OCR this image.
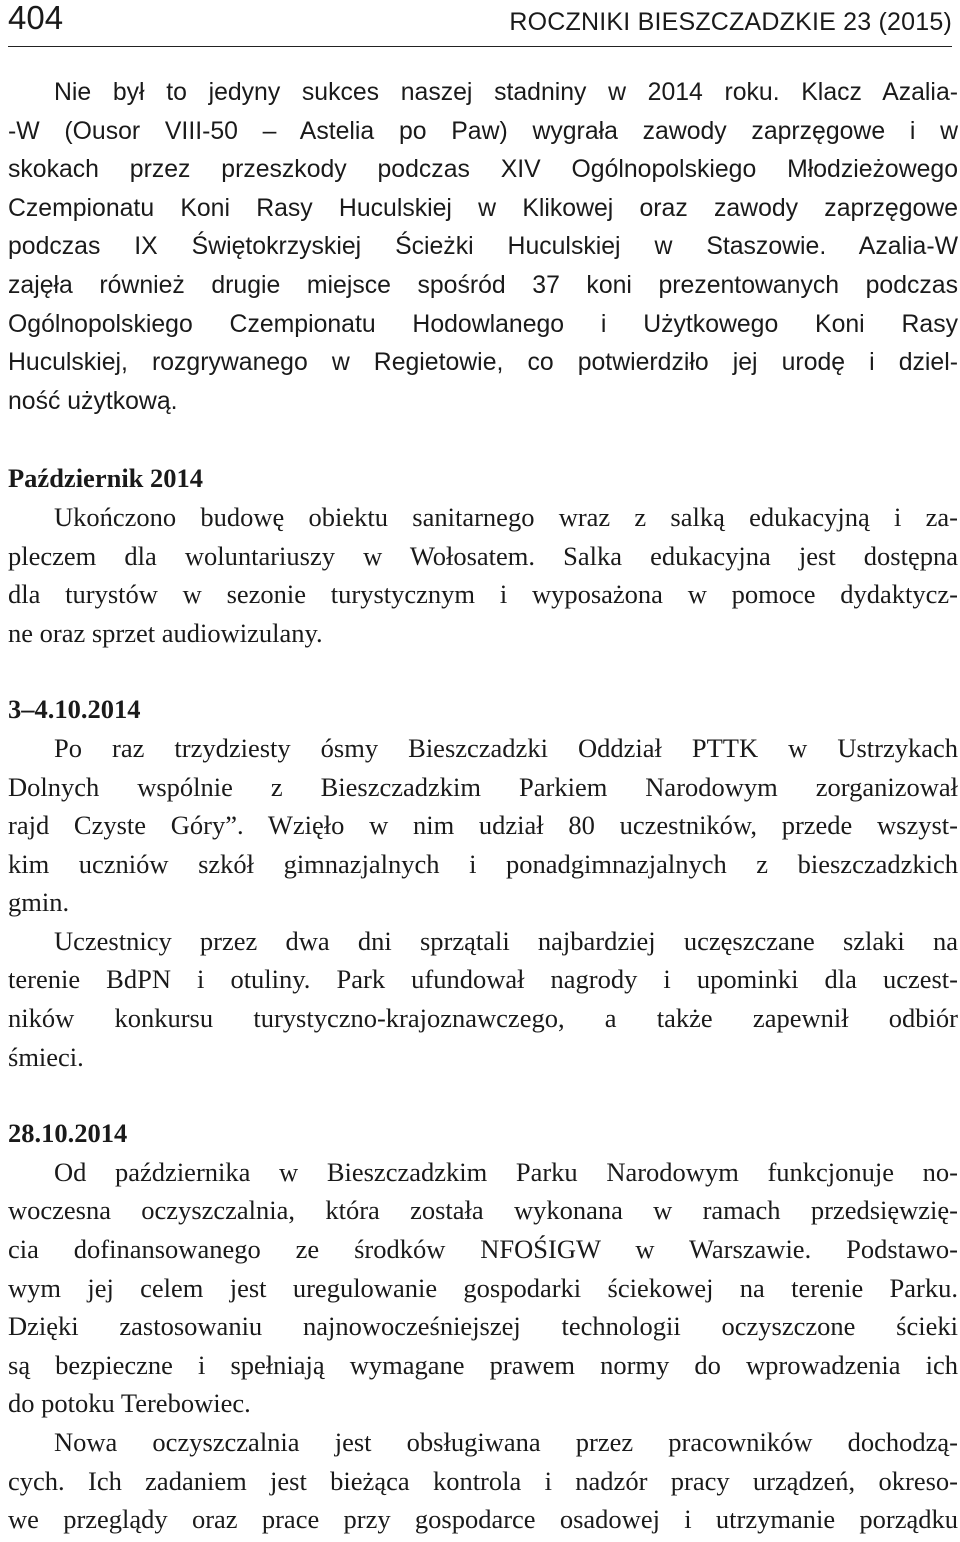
404	ROCZNIKI BIESZCZADZKIE 23 (2015)
Nie był to jedyny sukces naszej stadniny w 2014 roku. Klacz Azalia-
-W (Ousor VIII-50 – Astelia po Paw) wygrała zawody zaprzęgowe i w
skokach przez przeszkody podczas XIV Ogólnopolskiego Młodzieżowego
Czempionatu Koni Rasy Huculskiej w Klikowej oraz zawody zaprzęgowe
podczas IX Świętokrzyskiej Ścieżki Huculskiej w Staszowie. Azalia-W
zajęła również drugie miejsce spośród 37 koni prezentowanych podczas
Ogólnopolskiego Czempionatu Hodowlanego i Użytkowego Koni Rasy
Huculskiej, rozgrywanego w Regietowie, co potwierdziło jej urodę i dziel-
ność użytkową.
Październik 2014
Ukończono budowę obiektu sanitarnego wraz z salką edukacyjną i za-
pleczem dla woluntariuszy w Wołosatem. Salka edukacyjna jest dostępna
dla turystów w sezonie turystycznym i wyposażona w pomoce dydaktycz-
ne oraz sprzet audiowizulany.
3–4.10.2014
Po raz trzydziesty ósmy Bieszczadzki Oddział PTTK w Ustrzykach
Dolnych wspólnie z Bieszczadzkim Parkiem Narodowym zorganizował
rajd Czyste Góry”. Wzięło w nim udział 80 uczestników, przede wszyst-
kim uczniów szkół gimnazjalnych i ponadgimnazjalnych z bieszczadzkich
gmin.
Uczestnicy przez dwa dni sprzątali najbardziej uczęszczane szlaki na
terenie BdPN i otuliny. Park ufundował nagrody i upominki dla uczest-
ników konkursu turystyczno-krajoznawczego, a także zapewnił odbiór
śmieci.
28.10.2014
Od października w Bieszczadzkim Parku Narodowym funkcjonuje no-
woczesna oczyszczalnia, która została wykonana w ramach przedsięwzię-
cia dofinansowanego ze środków NFOŚIGW w Warszawie. Podstawo-
wym jej celem jest uregulowanie gospodarki ściekowej na terenie Parku.
Dzięki zastosowaniu najnowocześniejszej technologii oczyszczone ścieki
są bezpieczne i spełniają wymagane prawem normy do wprowadzenia ich
do potoku Terebowiec.
Nowa oczyszczalnia jest obsługiwana przez pracowników dochodzą-
cych. Ich zadaniem jest bieżąca kontrola i nadzór pracy urządzeń, okreso-
we przeglądy oraz prace przy gospodarce osadowej i utrzymanie porządku
